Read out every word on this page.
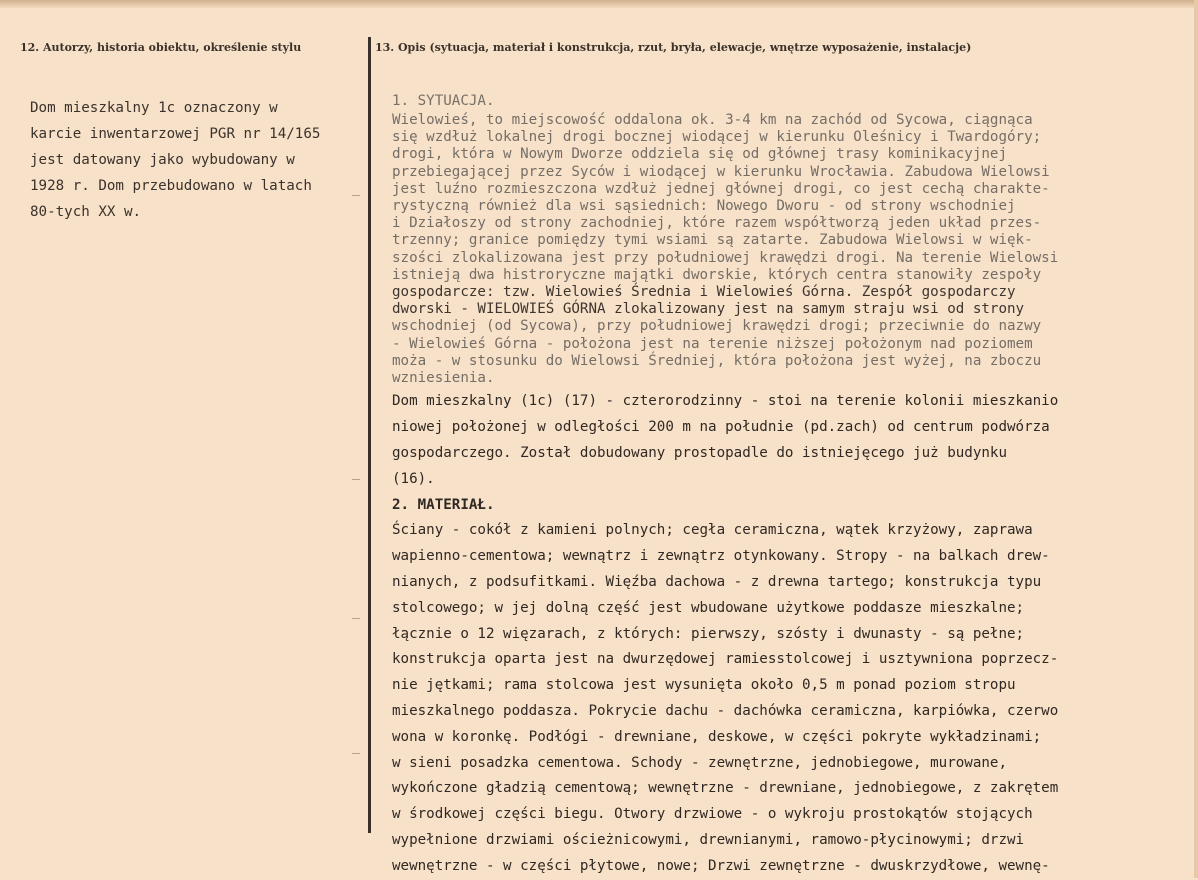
12. Autorzy, historia obiektu, określenie stylu	13. Opis (sytuacja, materiał i konstrukcja, rzut, bryła, elewacje, wnętrze wyposażenie, instalacje)
Dom mieszkalny 1c oznaczony w
karcie inwentarzowej PGR nr 14/165
jest datowany jako wybudowany w
1928 r. Dom przebudowano w latach
80-tych XX w.
1. SYTUACJA.
Wielowieś, to miejscowość oddalona ok. 3-4 km na zachód od Sycowa, ciągnąca
się wzdłuż lokalnej drogi bocznej wiodącej w kierunku Oleśnicy i Twardogóry;
drogi, która w Nowym Dworze oddziela się od głównej trasy kominikacyjnej
przebiegającej przez Syców i wiodącej w kierunku Wrocławia. Zabudowa Wielowsi
jest luźno rozmieszczona wzdłuż jednej głównej drogi, co jest cechą charakte-
rystyczną również dla wsi sąsiednich: Nowego Dworu - od strony wschodniej
i Działoszy od strony zachodniej, które razem współtworzą jeden układ przes-
trzenny; granice pomiędzy tymi wsiami są zatarte. Zabudowa Wielowsi w więk-
szości zlokalizowana jest przy południowej krawędzi drogi. Na terenie Wielowsi
istnieją dwa histroryczne majątki dworskie, których centra stanowiły zespoły
gospodarcze: tzw. Wielowieś Średnia i Wielowieś Górna. Zespół gospodarczy
dworski - WIELOWIEŚ GÓRNA zlokalizowany jest na samym straju wsi od strony
wschodniej (od Sycowa), przy południowej krawędzi drogi; przeciwnie do nazwy
- Wielowieś Górna - położona jest na terenie niższej położonym nad poziomem
moża - w stosunku do Wielowsi Średniej, która położona jest wyżej, na zboczu
wzniesienia.
Dom mieszkalny (1c) (17) - czterorodzinny - stoi na terenie kolonii mieszkanio
niowej położonej w odległości 200 m na południe (pd.zach) od centrum podwórza
gospodarczego. Został dobudowany prostopadle do istniejęcego już budynku
(16).
2. MATERIAŁ.
Ściany - cokół z kamieni polnych; cegła ceramiczna, wątek krzyżowy, zaprawa
wapienno-cementowa; wewnątrz i zewnątrz otynkowany. Stropy - na balkach drew-
nianych, z podsufitkami. Więźba dachowa - z drewna tartego; konstrukcja typu
stolcowego; w jej dolną część jest wbudowane użytkowe poddasze mieszkalne;
łącznie o 12 więzarach, z których: pierwszy, szósty i dwunasty - są pełne;
konstrukcja oparta jest na dwurzędowej ramiesstolcowej i usztywniona poprzecz-
nie jętkami; rama stolcowa jest wysunięta około 0,5 m ponad poziom stropu
mieszkalnego poddasza. Pokrycie dachu - dachówka ceramiczna, karpiówka, czerwo
wona w koronkę. Podłógi - drewniane, deskowe, w części pokryte wykładzinami;
w sieni posadzka cementowa. Schody - zewnętrzne, jednobiegowe, murowane,
wykończone gładzią cementową; wewnętrzne - drewniane, jednobiegowe, z zakrętem
w środkowej części biegu. Otwory drzwiowe - o wykroju prostokątów stojących
wypełnione drzwiami ościeżnicowymi, drewnianymi, ramowo-płycinowymi; drzwi
wewnętrzne - w części płytowe, nowe; Drzwi zewnętrzne - dwuskrzydłowe, wewnę-
